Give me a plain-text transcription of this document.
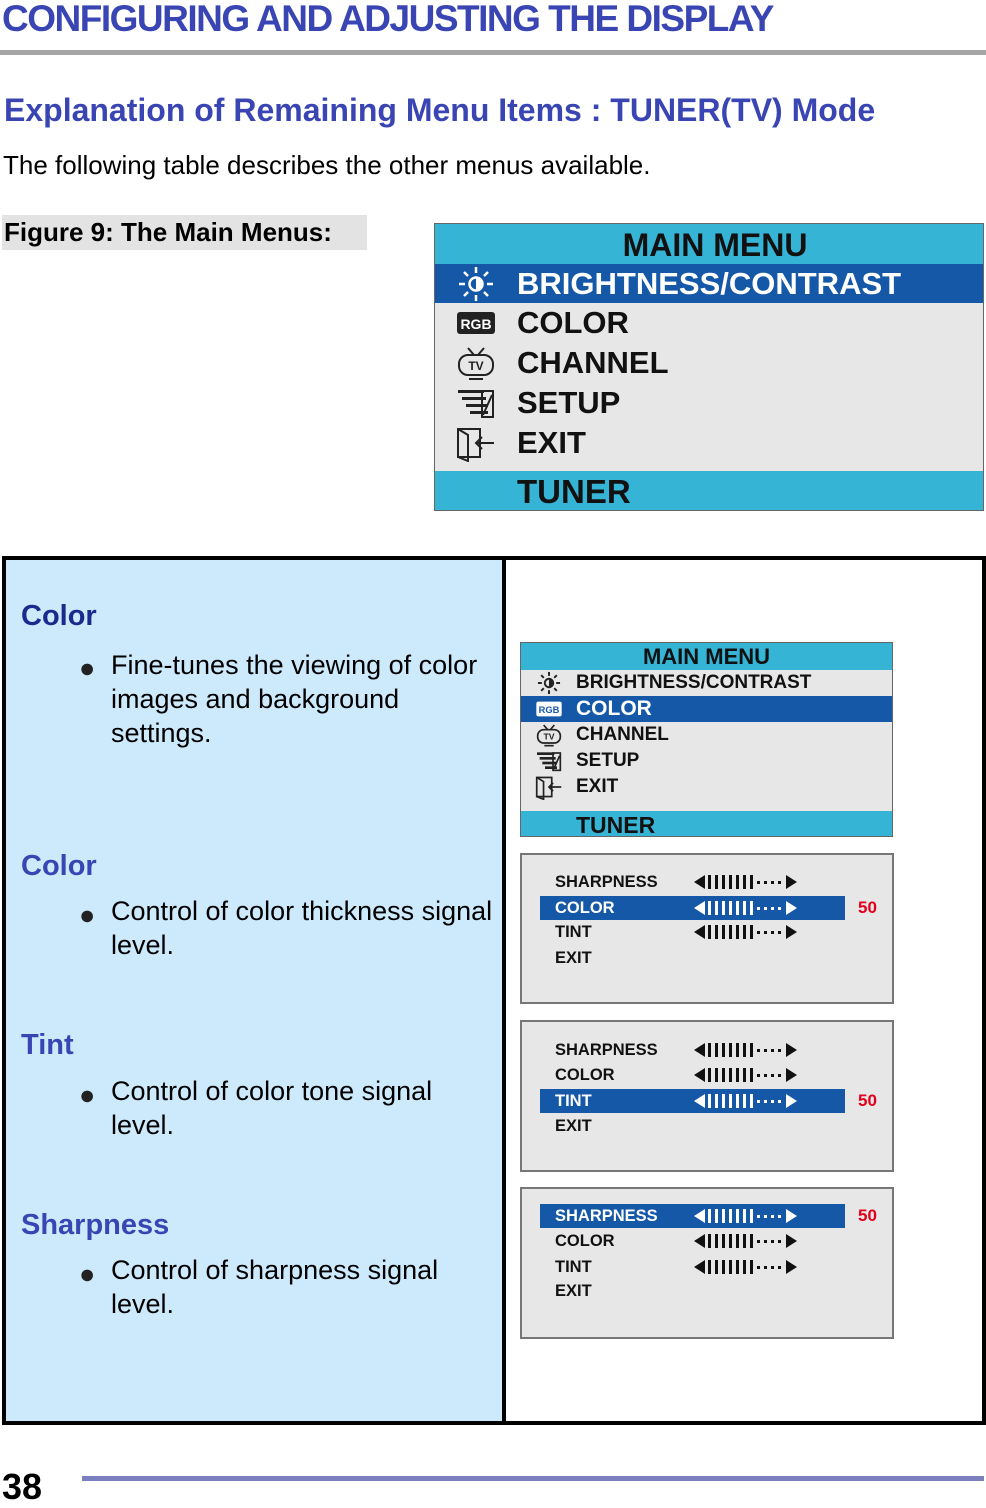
CONFIGURING AND ADJUSTING THE DISPLAY
Explanation of Remaining Menu Items : TUNER(TV) Mode
The following table describes the other menus available.
Figure 9: The Main Menus:	MAIN MENU
BRIGHTNESS/CONTRAST
RGB COLOR
TV CHANNEL
SETUP
EXIT
TUNER
Color
● Fine-tunes the viewing of color images and background settings.
Color
● Control of color thickness signal level.
Tint
● Control of color tone signal level.
Sharpness
● Control of sharpness signal level.
MAIN MENU
BRIGHTNESS/CONTRAST
RGB COLOR
TV CHANNEL
SETUP
EXIT
TUNER
SHARPNESS
COLOR	50
TINT
EXIT
SHARPNESS
COLOR
TINT	50
EXIT
SHARPNESS	50
COLOR
TINT
EXIT
38
